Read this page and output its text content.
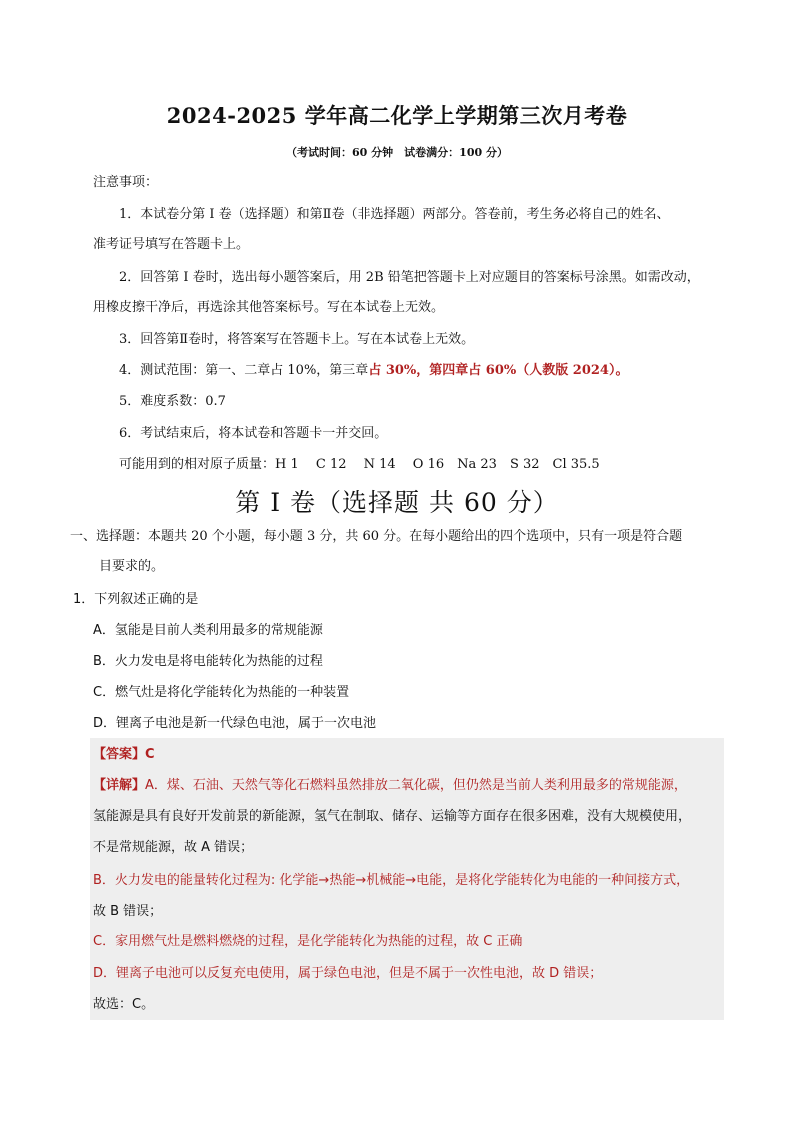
2024-2025 学年高二化学上学期第三次月考卷
（考试时间：60 分钟　试卷满分：100 分）
注意事项：
1．本试卷分第 I 卷（选择题）和第Ⅱ卷（非选择题）两部分。答卷前，考生务必将自己的姓名、
准考证号填写在答题卡上。
2．回答第 I 卷时，选出每小题答案后，用 2B 铅笔把答题卡上对应题目的答案标号涂黑。如需改动，
用橡皮擦干净后，再选涂其他答案标号。写在本试卷上无效。
3．回答第Ⅱ卷时，将答案写在答题卡上。写在本试卷上无效。
4．测试范围：第一、二章占 10%，第三章占 30%，第四章占 60%（人教版 2024）。
5．难度系数：0.7
6．考试结束后，将本试卷和答题卡一并交回。
可能用到的相对原子质量：H 1　 C 12　 N 14　 O 16　Na 23　S 32　Cl 35.5
第 I 卷（选择题 共 60 分）
一、选择题：本题共 20 个小题，每小题 3 分，共 60 分。在每小题给出的四个选项中，只有一项是符合题
目要求的。
1．下列叙述正确的是
A．氢能是目前人类利用最多的常规能源
B．火力发电是将电能转化为热能的过程
C．燃气灶是将化学能转化为热能的一种装置
D．锂离子电池是新一代绿色电池，属于一次电池
【答案】C
【详解】A．煤、石油、天然气等化石燃料虽然排放二氧化碳，但仍然是当前人类利用最多的常规能源，
氢能源是具有良好开发前景的新能源，氢气在制取、储存、运输等方面存在很多困难，没有大规模使用，
不是常规能源，故 A 错误；
B．火力发电的能量转化过程为: 化学能→热能→机械能→电能，是将化学能转化为电能的一种间接方式，
故 B 错误；
C．家用燃气灶是燃料燃烧的过程，是化学能转化为热能的过程，故 C 正确
D．锂离子电池可以反复充电使用，属于绿色电池，但是不属于一次性电池，故 D 错误；
故选：C。
